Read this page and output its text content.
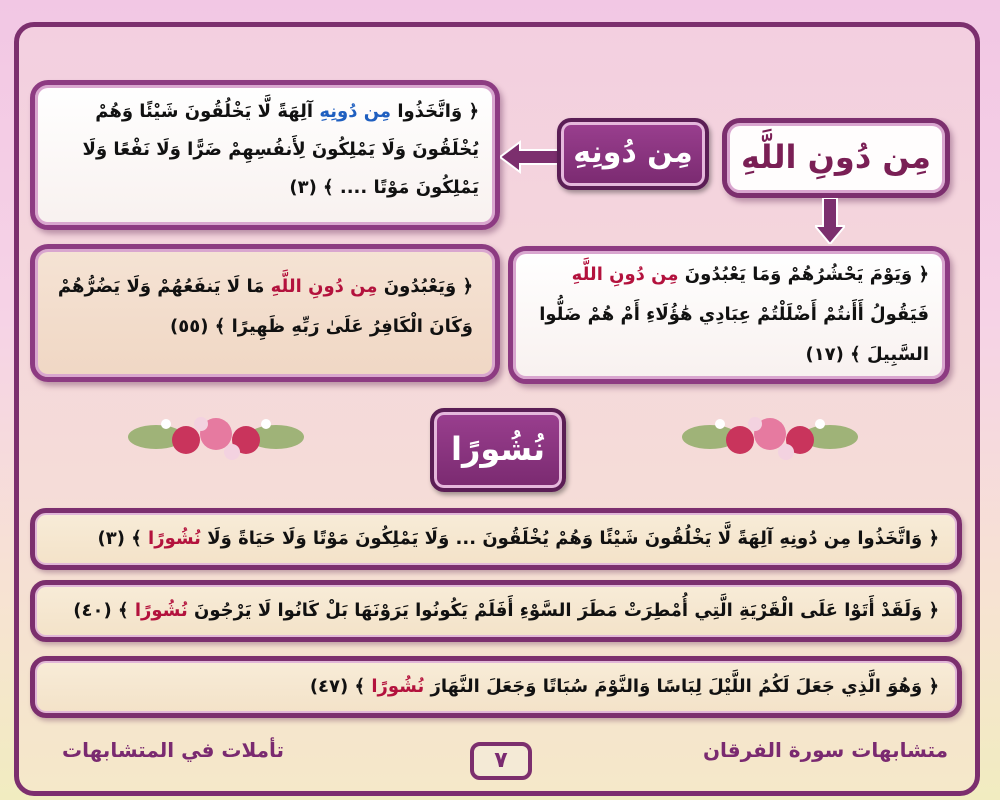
﴿ وَاتَّخَذُوا مِن دُونِهِ آلِهَةً لَّا يَخْلُقُونَ شَيْئًا وَهُمْ يُخْلَقُونَ وَلَا يَمْلِكُونَ لِأَنفُسِهِمْ ضَرًّا وَلَا نَفْعًا وَلَا يَمْلِكُونَ مَوْتًا .... ﴾ (٣)
مِن دُونِهِ	مِن دُونِ اللَّهِ
﴿ وَيَوْمَ يَحْشُرُهُمْ وَمَا يَعْبُدُونَ مِن دُونِ اللَّهِ فَيَقُولُ أَأَنتُمْ أَضْلَلْتُمْ عِبَادِي هَٰؤُلَاءِ أَمْ هُمْ ضَلُّوا السَّبِيلَ ﴾ (١٧)
﴿ وَيَعْبُدُونَ مِن دُونِ اللَّهِ مَا لَا يَنفَعُهُمْ وَلَا يَضُرُّهُمْ وَكَانَ الْكَافِرُ عَلَىٰ رَبِّهِ ظَهِيرًا ﴾ (٥٥)
نُشُورًا
﴿ وَاتَّخَذُوا مِن دُونِهِ آلِهَةً لَّا يَخْلُقُونَ شَيْئًا وَهُمْ يُخْلَقُونَ ... وَلَا يَمْلِكُونَ مَوْتًا وَلَا حَيَاةً وَلَا نُشُورًا ﴾ (٣)
﴿ وَلَقَدْ أَتَوْا عَلَى الْقَرْيَةِ الَّتِي أُمْطِرَتْ مَطَرَ السَّوْءِ أَفَلَمْ يَكُونُوا يَرَوْنَهَا بَلْ كَانُوا لَا يَرْجُونَ نُشُورًا ﴾ (٤٠)
﴿ وَهُوَ الَّذِي جَعَلَ لَكُمُ اللَّيْلَ لِبَاسًا وَالنَّوْمَ سُبَاتًا وَجَعَلَ النَّهَارَ نُشُورًا ﴾ (٤٧)
متشابهات سورة الفرقان
تأملات في المتشابهات	٧
